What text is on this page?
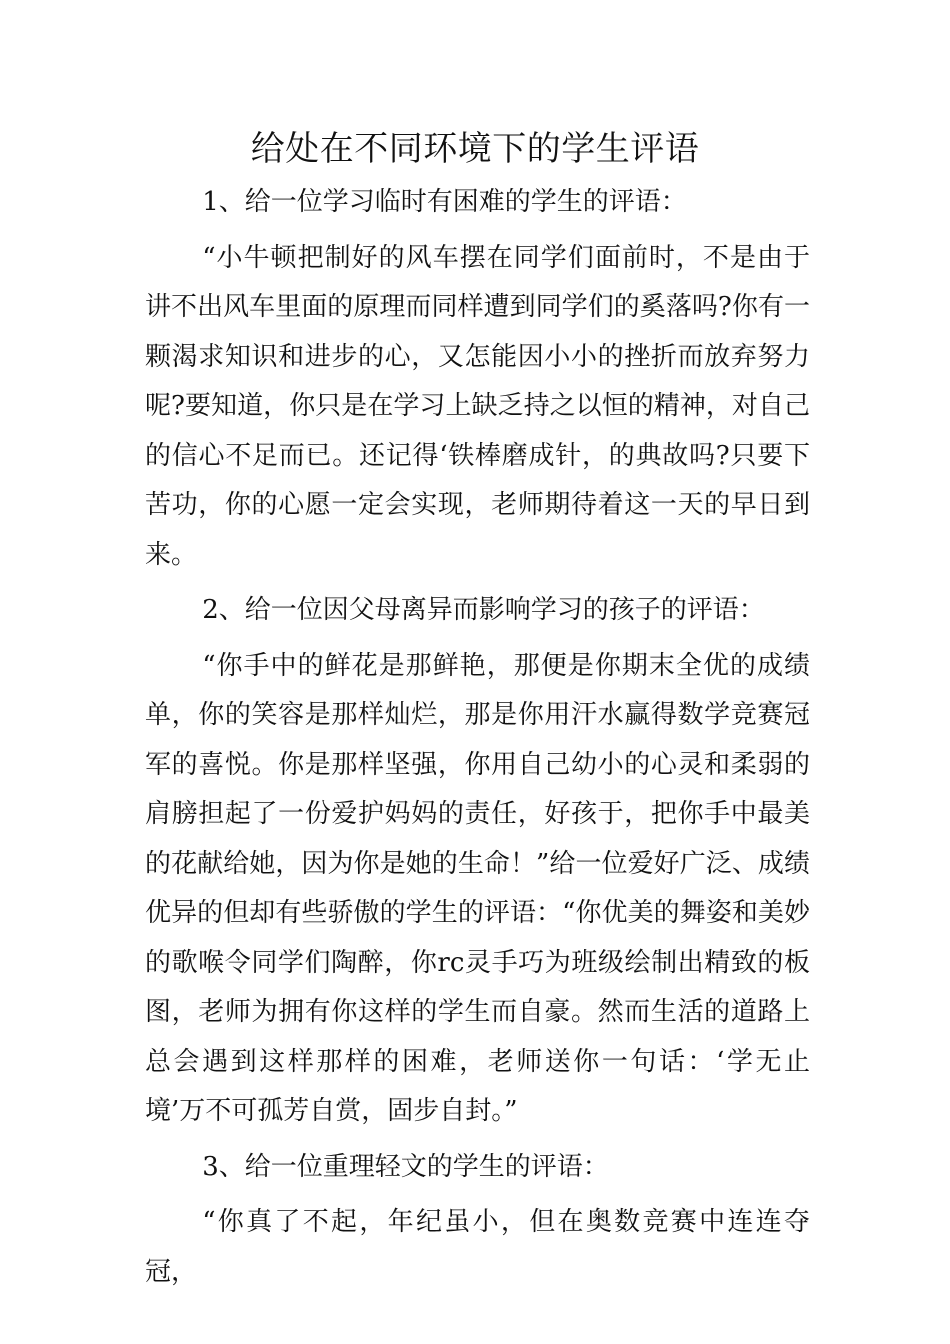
给处在不同环境下的学生评语

1、给一位学习临时有困难的学生的评语：

“小牛顿把制好的风车摆在同学们面前时，不是由于讲不出风车里面的原理而同样遭到同学们的奚落吗?你有一颗渴求知识和进步的心，又怎能因小小的挫折而放弃努力呢?要知道，你只是在学习上缺乏持之以恒的精神，对自己的信心不足而已。还记得‘铁棒磨成针，的典故吗?只要下苦功，你的心愿一定会实现，老师期待着这一天的早日到来。

2、给一位因父母离异而影响学习的孩子的评语：

“你手中的鲜花是那鲜艳，那便是你期末全优的成绩单，你的笑容是那样灿烂，那是你用汗水赢得数学竞赛冠军的喜悦。你是那样坚强，你用自己幼小的心灵和柔弱的肩膀担起了一份爱护妈妈的责任，好孩于，把你手中最美的花献给她，因为你是她的生命！”给一位爱好广泛、成绩优异的但却有些骄傲的学生的评语：“你优美的舞姿和美妙的歌喉令同学们陶醉，你rc灵手巧为班级绘制出精致的板图，老师为拥有你这样的学生而自豪。然而生活的道路上总会遇到这样那样的困难，老师送你一句话：‘学无止境’万不可孤芳自赏，固步自封。”

3、给一位重理轻文的学生的评语：

“你真了不起，年纪虽小，但在奥数竞赛中连连夺冠，
